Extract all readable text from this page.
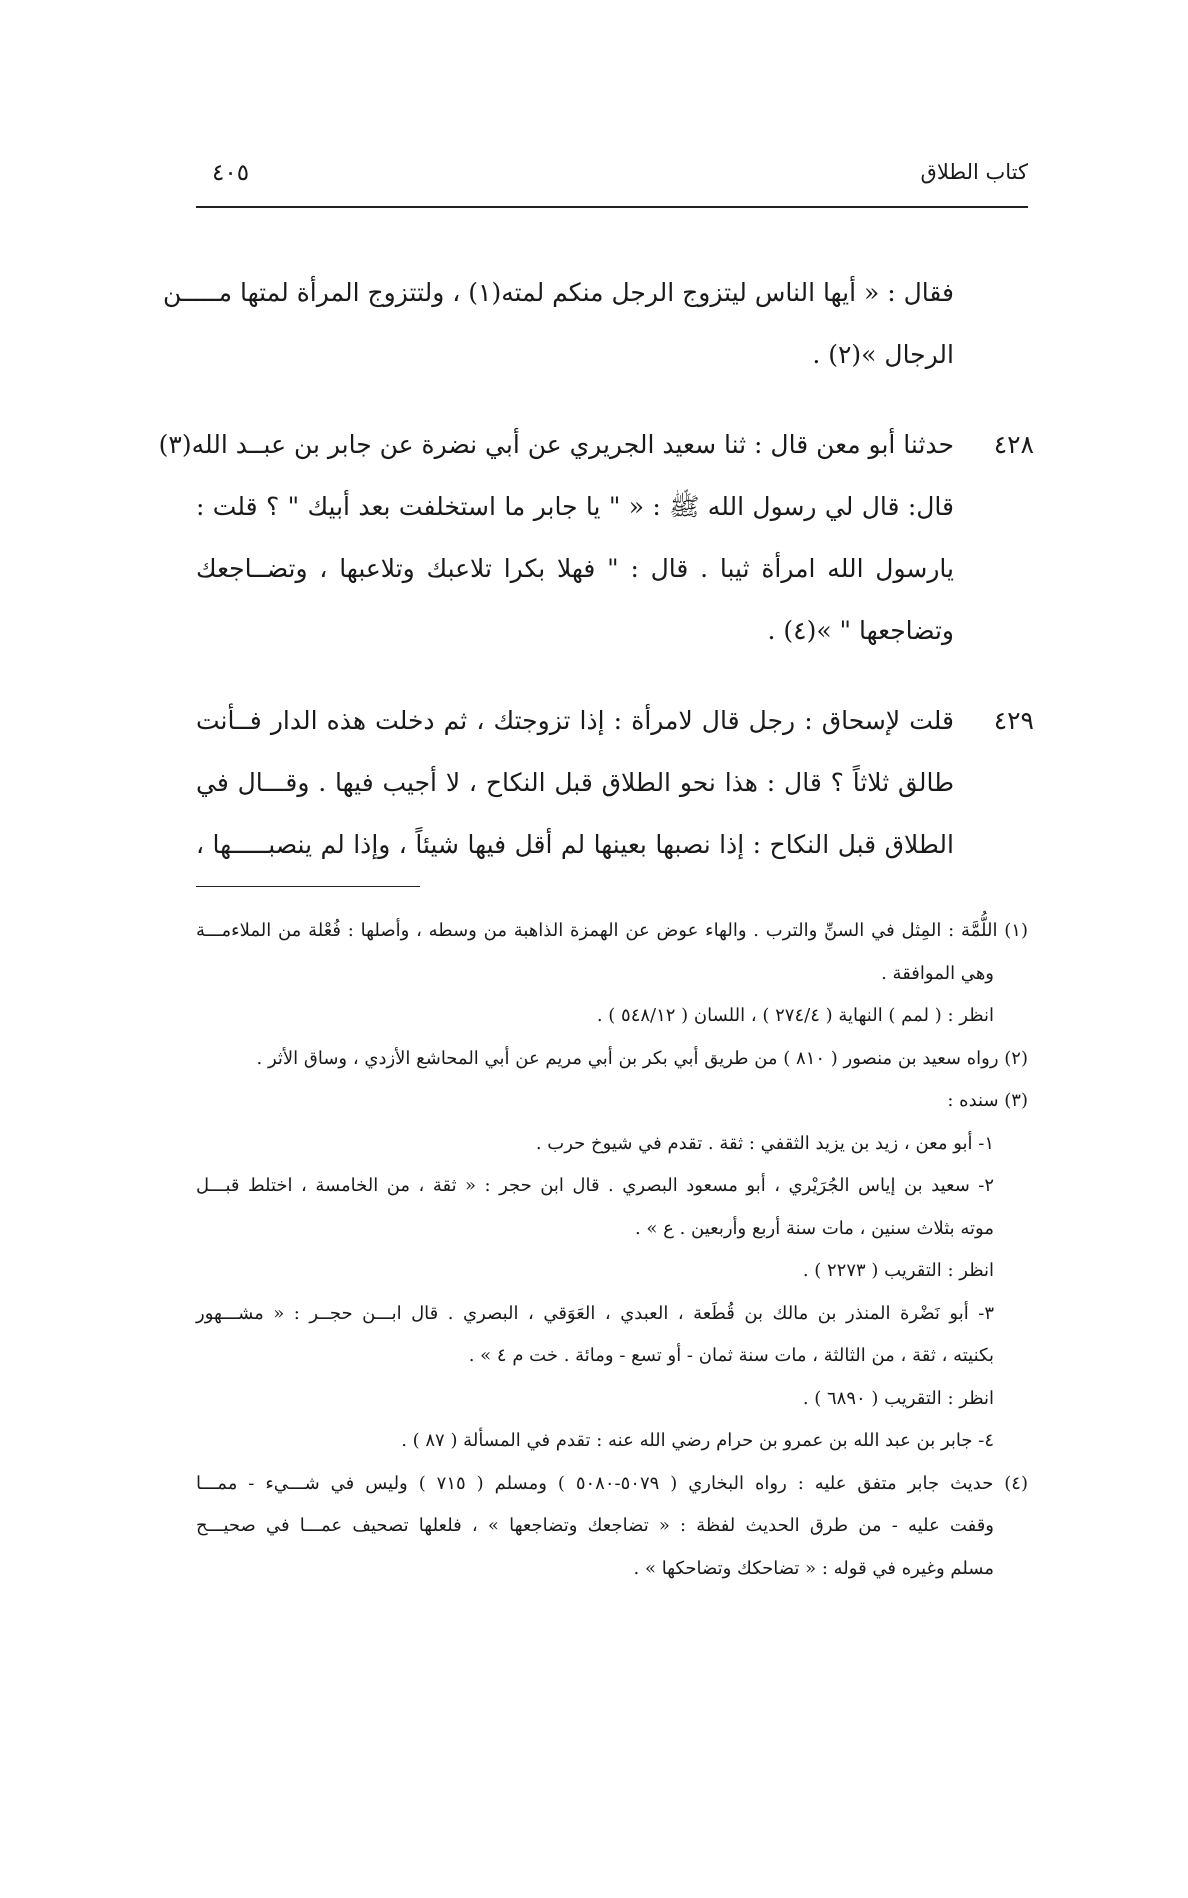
كتاب الطلاق
٤٠٥
فقال : « أيها الناس ليتزوج الرجل منكم لمته(١) ، ولتتزوج المرأة لمتها مـــــن
الرجال »(٢) .
٤٢٨
حدثنا أبو معن قال : ثنا سعيد الجريري عن أبي نضرة عن جابر بن عبــد الله(٣)
قال: قال لي رسول الله ﷺ : « " يا جابر ما استخلفت بعد أبيك " ؟ قلت :
يارسول الله امرأة ثيبا . قال : " فهلا بكرا تلاعبك وتلاعبها ، وتضــاجعك
وتضاجعها " »(٤) .
٤٢٩
قلت لإسحاق : رجل قال لامرأة : إذا تزوجتك ، ثم دخلت هذه الدار فــأنت
طالق ثلاثاً ؟ قال : هذا نحو الطلاق قبل النكاح ، لا أجيب فيها . وقـــال في
الطلاق قبل النكاح : إذا نصبها بعينها لم أقل فيها شيئاً ، وإذا لم ينصبـــــها ،
(١) اللُّمَّة : المِثل في السنِّ والترب . والهاء عوض عن الهمزة الذاهبة من وسطه ، وأصلها : فُعْلة من الملاءمـــة
وهي الموافقة .
انظر : ( لمم ) النهاية ( ٢٧٤/٤ ) ، اللسان ( ٥٤٨/١٢ ) .
(٢) رواه سعيد بن منصور ( ٨١٠ ) من طريق أبي بكر بن أبي مريم عن أبي المحاشع الأزدي ، وساق الأثر .
(٣) سنده :
١- أبو معن ، زيد بن يزيد الثقفي : ثقة . تقدم في شيوخ حرب .
٢- سعيد بن إياس الجُرَيْري ، أبو مسعود البصري . قال ابن حجر : « ثقة ، من الخامسة ، اختلط قبـــل
موته بثلاث سنين ، مات سنة أربع وأربعين . ع » .
انظر : التقريب ( ٢٢٧٣ ) .
٣- أبو نَضْرة المنذر بن مالك بن قُطَعة ، العبدي ، العَوَقي ، البصري . قال ابـــن حجــر : « مشـــهور
بكنيته ، ثقة ، من الثالثة ، مات سنة ثمان - أو تسع - ومائة . خت م ٤ » .
انظر : التقريب ( ٦٨٩٠ ) .
٤- جابر بن عبد الله بن عمرو بن حرام رضي الله عنه : تقدم في المسألة ( ٨٧ ) .
(٤) حديث جابر متفق عليه : رواه البخاري ( ٥٠٧٩-٥٠٨٠ ) ومسلم ( ٧١٥ ) وليس في شـــيء - ممـــا
وقفت عليه - من طرق الحديث لفظة : « تضاجعك وتضاجعها » ، فلعلها تصحيف عمـــا في صحيـــح
مسلم وغيره في قوله : « تضاحكك وتضاحكها » .
